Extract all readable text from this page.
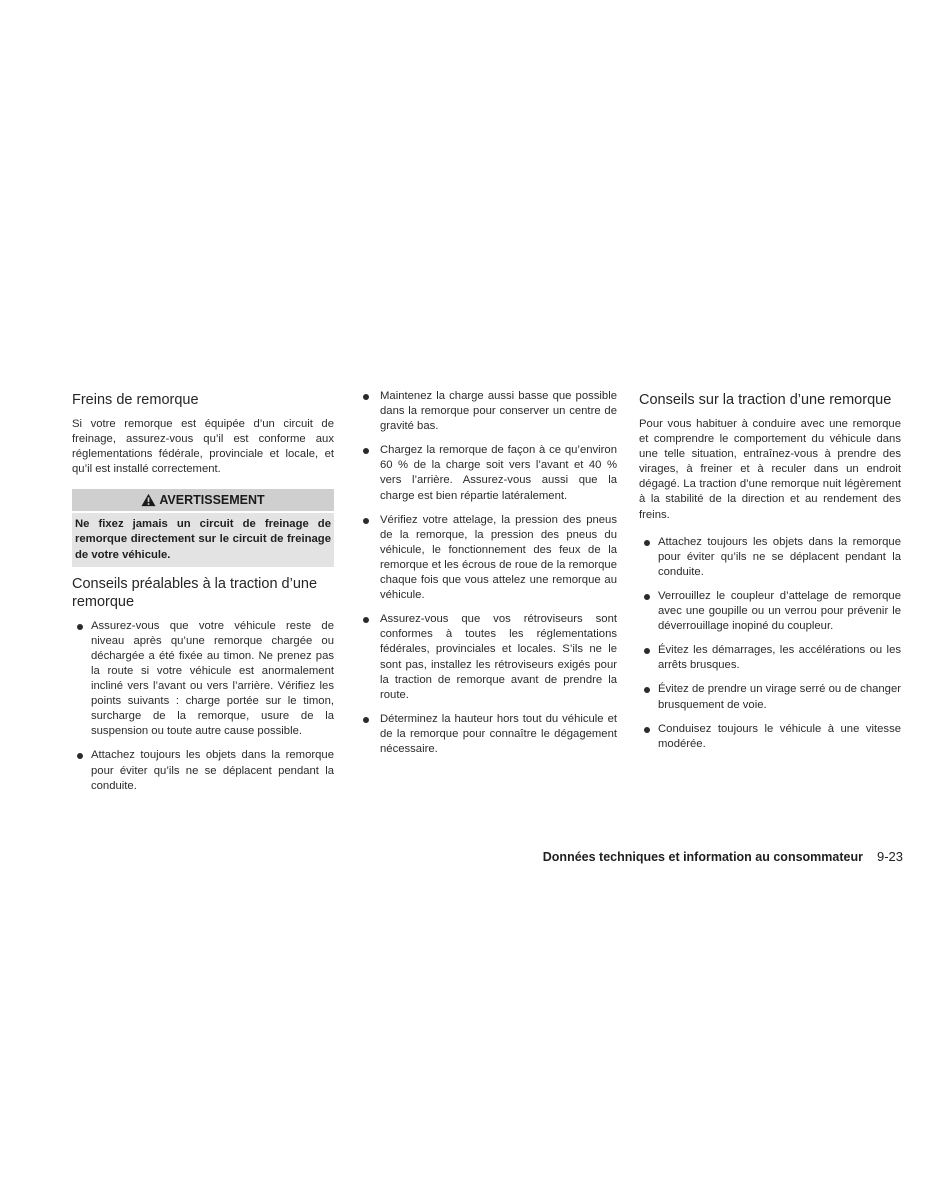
Freins de remorque

Si votre remorque est équipée d’un circuit de freinage, assurez-vous qu’il est conforme aux réglementations fédérale, provinciale et locale, et qu’il est installé correctement.

AVERTISSEMENT
Ne fixez jamais un circuit de freinage de remorque directement sur le circuit de freinage de votre véhicule.
Conseils préalables à la traction d’une remorque
Assurez-vous que votre véhicule reste de niveau après qu’une remorque chargée ou déchargée a été fixée au timon. Ne prenez pas la route si votre véhicule est anormalement incliné vers l’avant ou vers l’arrière. Vérifiez les points suivants : charge portée sur le timon, surcharge de la remorque, usure de la suspension ou toute autre cause possible.
Attachez toujours les objets dans la remorque pour éviter qu’ils ne se déplacent pendant la conduite.
Maintenez la charge aussi basse que possible dans la remorque pour conserver un centre de gravité bas.
Chargez la remorque de façon à ce qu’environ 60 % de la charge soit vers l’avant et 40 % vers l’arrière. Assurez-vous aussi que la charge est bien répartie latéralement.
Vérifiez votre attelage, la pression des pneus de la remorque, la pression des pneus du véhicule, le fonctionnement des feux de la remorque et les écrous de roue de la remorque chaque fois que vous attelez une remorque au véhicule.
Assurez-vous que vos rétroviseurs sont conformes à toutes les réglementations fédérales, provinciales et locales. S’ils ne le sont pas, installez les rétroviseurs exigés pour la traction de remorque avant de prendre la route.
Déterminez la hauteur hors tout du véhicule et de la remorque pour connaître le dégagement nécessaire.
Conseils sur la traction d’une remorque

Pour vous habituer à conduire avec une remorque et comprendre le comportement du véhicule dans une telle situation, entraînez-vous à prendre des virages, à freiner et à reculer dans un endroit dégagé. La traction d’une remorque nuit légèrement à la stabilité de la direction et au rendement des freins.

Attachez toujours les objets dans la remorque pour éviter qu’ils ne se déplacent pendant la conduite.
Verrouillez le coupleur d’attelage de remorque avec une goupille ou un verrou pour prévenir le déverrouillage inopiné du coupleur.
Évitez les démarrages, les accélérations ou les arrêts brusques.
Évitez de prendre un virage serré ou de changer brusquement de voie.
Conduisez toujours le véhicule à une vitesse modérée.
Données techniques et information au consommateur 9-23
